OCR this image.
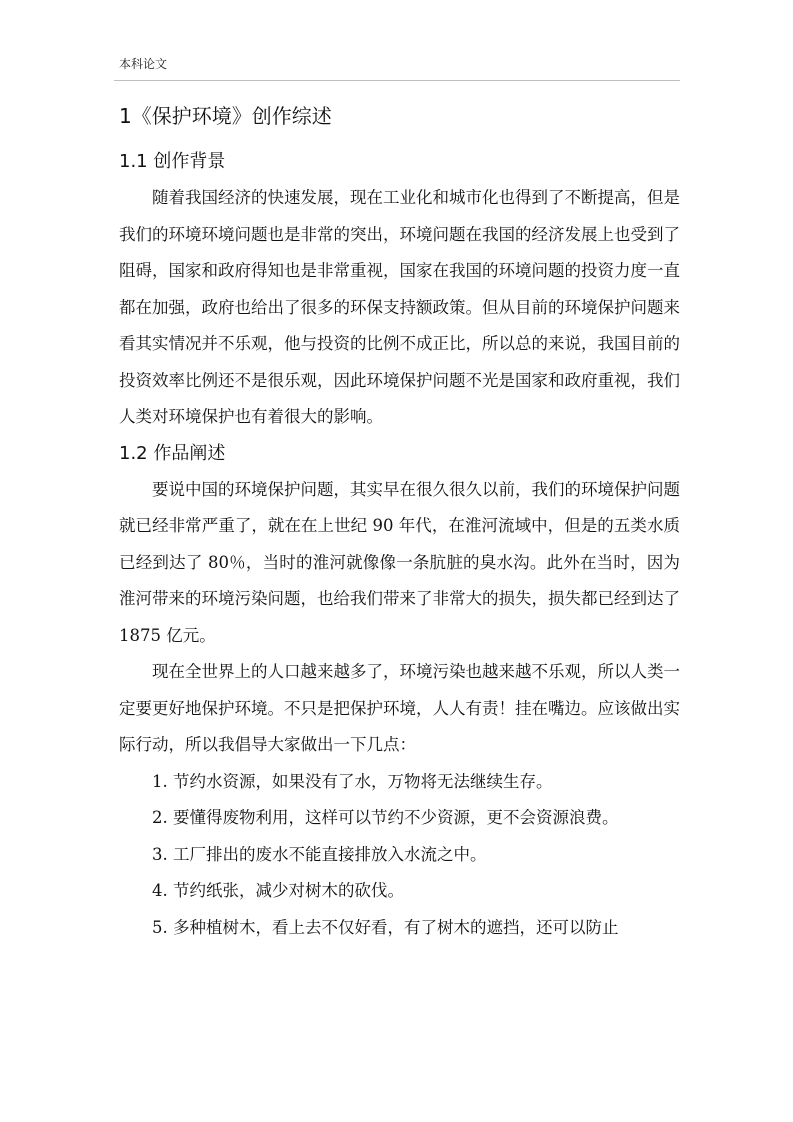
本科论文
1《保护环境》创作综述
1.1 创作背景

随着我国经济的快速发展，现在工业化和城市化也得到了不断提高，但是我们的环境环境问题也是非常的突出，环境问题在我国的经济发展上也受到了阻碍，国家和政府得知也是非常重视，国家在我国的环境问题的投资力度一直都在加强，政府也给出了很多的环保支持额政策。但从目前的环境保护问题来看其实情况并不乐观，他与投资的比例不成正比，所以总的来说，我国目前的投资效率比例还不是很乐观，因此环境保护问题不光是国家和政府重视，我们人类对环境保护也有着很大的影响。

1.2 作品阐述

要说中国的环境保护问题，其实早在很久很久以前，我们的环境保护问题就已经非常严重了，就在在上世纪 90 年代，在淮河流域中，但是的五类水质已经到达了 80％，当时的淮河就像像一条肮脏的臭水沟。此外在当时，因为淮河带来的环境污染问题，也给我们带来了非常大的损失，损失都已经到达了 1875 亿元。

现在全世界上的人口越来越多了，环境污染也越来越不乐观，所以人类一定要更好地保护环境。不只是把保护环境，人人有责！挂在嘴边。应该做出实际行动，所以我倡导大家做出一下几点：

1. 节约水资源，如果没有了水，万物将无法继续生存。
2. 要懂得废物利用，这样可以节约不少资源，更不会资源浪费。
3. 工厂排出的废水不能直接排放入水流之中。
4. 节约纸张，减少对树木的砍伐。
5. 多种植树木，看上去不仅好看，有了树木的遮挡，还可以防止
